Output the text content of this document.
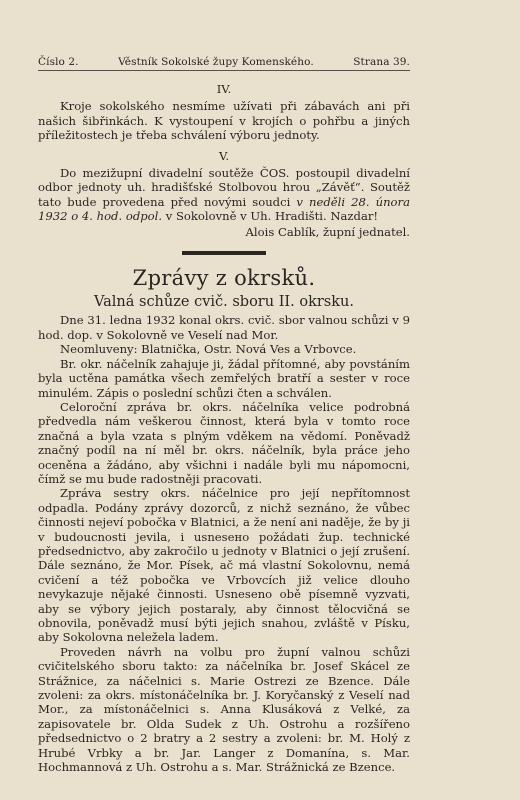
Číslo 2.	Věstník Sokolské župy Komenského.	Strana 39.
IV.

Kroje sokolského nesmíme užívati při zábavách ani při našich šibřinkách. K vystoupení v krojích o pohřbu a jiných příležitostech je třeba schválení výboru jednoty.

V.

Do mezižupní divadelní soutěže ČOS. postoupil divadelní odbor jednoty uh. hradišťské Stolbovou hrou „Závěť“. Soutěž tato bude provedena před novými soudci v neděli 28. února 1932 o 4. hod. odpol. v Sokolovně v Uh. Hradišti. Nazdar!

Alois Cablík, župní jednatel.
Zprávy z okrsků.
Valná schůze cvič. sboru II. okrsku.

Dne 31. ledna 1932 konal okrs. cvič. sbor valnou schůzi v 9 hod. dop. v Sokolovně ve Veselí nad Mor.

Neomluveny: Blatnička, Ostr. Nová Ves a Vrbovce.

Br. okr. náčelník zahajuje ji, žádal přítomné, aby povstáním byla uctěna památka všech zemřelých bratří a sester v roce minulém. Zápis o poslední schůzi čten a schválen.

Celoroční zpráva br. okrs. náčelníka velice podrobná předvedla nám veškerou činnost, která byla v tomto roce značná a byla vzata s plným vděkem na vědomí. Poněvadž značný podíl na ní měl br. okrs. náčelník, byla práce jeho oceněna a žádáno, aby všichni i nadále byli mu nápomocni, čímž se mu bude radostněji pracovati.

Zpráva sestry okrs. náčelnice pro její nepřítomnost odpadla. Podány zprávy dozorců, z nichž seznáno, že vůbec činnosti nejeví pobočka v Blatnici, a že není ani naděje, že by ji v budoucnosti jevila, i usnesено požádati žup. technické předsednictvo, aby zakročilo u jednoty v Blatnici o její zrušení. Dále seznáno, že Mor. Písek, ač má vlastní Sokolovnu, nemá cvičení a též pobočka ve Vrbovcích již velice dlouho nevykazuje nějaké činnosti. Usneseno obě písemně vyzvati, aby se výbory jejich postaraly, aby činnost tělocvičná se obnovila, poněvadž musí býti jejich snahou, zvláště v Písku, aby Sokolovna neležela ladem.

Proveden návrh na volbu pro župní valnou schůzi cvičitelského sboru takto: za náčelníka br. Josef Skácel ze Strážnice, za náčelnici s. Marie Ostrezi ze Bzence. Dále zvoleni: za okrs. místonáčelníka br. J. Koryčanský z Veselí nad Mor., za místonáčelnici s. Anna Klusáková z Velké, za zapisovatele br. Olda Sudek z Uh. Ostrohu a rozšířeno předsednictvo o 2 bratry a 2 sestry a zvoleni: br. M. Holý z Hrubé Vrbky a br. Jar. Langer z Domanína, s. Mar. Hochmannová z Uh. Ostrohu a s. Mar. Strážnická ze Bzence.
